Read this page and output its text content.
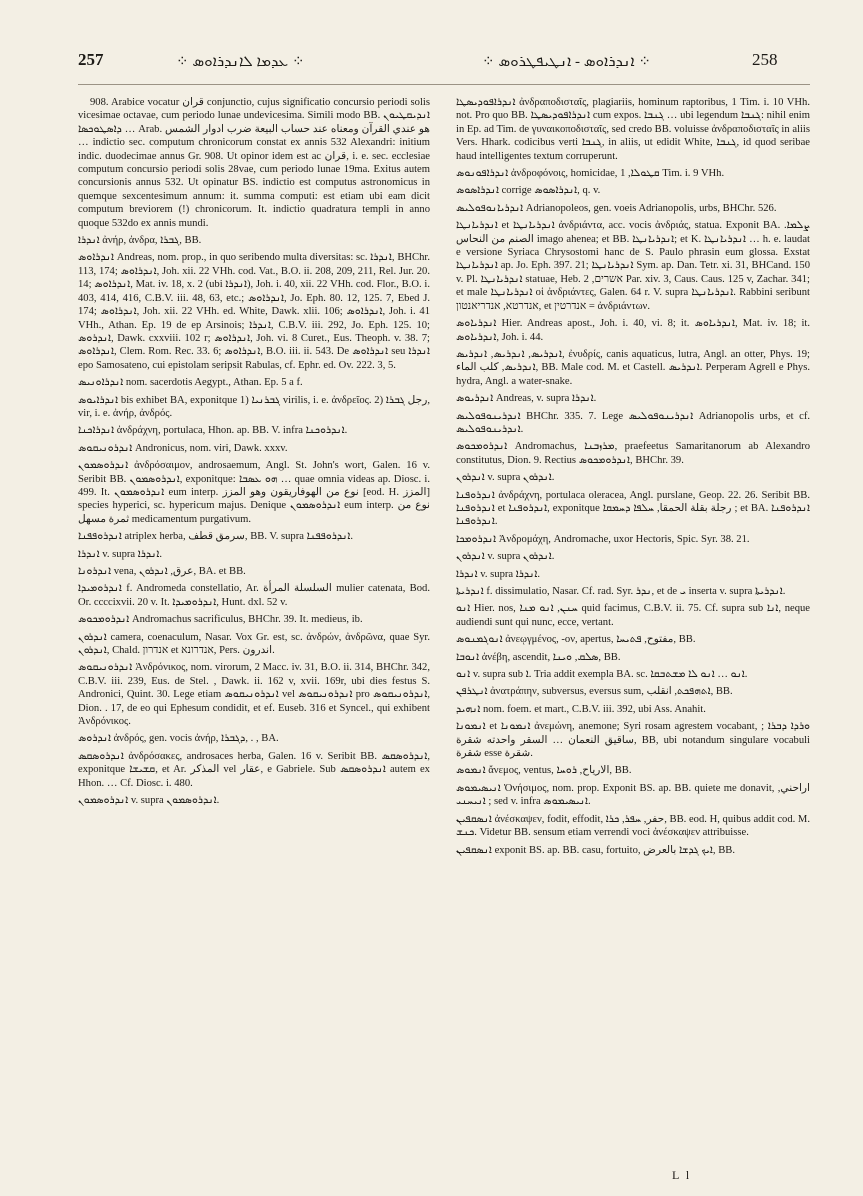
257	⁘ ܥܕܡܐ ܠܐܢܕܪܐܘܣ ⁘	⁘ ܐܢܕܪܐܘܣ - ܐܢܛܝܦܛܪܘܣ ⁘	258

908. Arabice vocatur قران conjunctio, cujus significatio concursio periodi solis vicesimae octavae, cum periodo lunae undevicesima. Simili modo BB. ܐܢܕܝܩܛܝܘܢ ܕܐܣܛܘܟܣܐ … Arab. هو عندي القرآن ومعناه عند حساب البيعة ضرب ادوار الشمس … indictio sec. computum chronicorum constat ex annis 532 Alexandri: initium indic. duodecimae annus Gr. 908. Ut opinor idem est ac قران, i. e. sec. ecclesiae computum concursio periodi solis 28vae, cum periodo lunae 19ma. Exitus autem concursionis annus 532. Ut opinatur BS. indictio est computus astronomicus in quemque sexcentesimum annum: it. summa computi: est etiam ubi eam dicit computum breviorem (!) chronicorum. It. indictio quadratura templi in anno quoque 532do ex annis mundi.

ܐܢܕܪܐ ἀνήρ, ἀνδρα, ܓܒܪܐ, BB.

ܐܢܕܪܐܘܣ Andreas, nom. prop., in quo seribendo multa diversitas: sc. ܐܢܕܪܐ, BHChr. 113, 174; ܐܢܕܪܐܘܣ, Joh. xii. 22 VHh. cod. Vat., B.O. ii. 208, 209, 211, Rel. Jur. 20. 14; ܐܢܕܪܐܘܣ, Mat. iv. 18, x. 2 (ubi ܐܢܕܪܐ), Joh. i. 40, xii. 22 VHh. cod. Flor., B.O. i. 403, 414, 416, C.B.V. iii. 48, 63, etc.; ܐܢܕܪܐܘܣ, Jo. Eph. 80. 12, 125. 7, Ebed J. 174; ܐܢܕܪܐܘܣ, Joh. xii. 22 VHh. ed. White, Dawk. xlii. 106; ܐܢܕܪܐܘܣ, Joh. i. 41 VHh., Athan. Ep. 19 de ep Arsinois; ܐܢܕܪܐ, C.B.V. iii. 292, Jo. Eph. 125. 10; ܐܢܕܪܘܣ, Dawk. cxxviii. 102 r; ܐܢܕܪܐܘܣ, Joh. vi. 8 Curet., Eus. Theoph. v. 38. 7; ܐܢܕܪܐܘܣ, Clem. Rom. Rec. 33. 6; ܐܢܕܪܐܘܣ, B.O. iii. ii. 543. De ܐܢܕܪܐܘܣ seu ܐܢܕܪܐ epo Samosateno, cui epistolam seripsit Rabulas, cf. Ephr. ed. Ov. 222. 3, 5.

ܐܢܕܪܐܘܢܝܣ nom. sacerdotis Aegypt., Athan. Ep. 5 a f.

ܐܢܕܪܐܝܘܣ bis exhibet BA, exponitque 1) ܓܒܪܢܝܐ virilis, i. e. ἀνδρεῖος. 2) رجل ܓܒܪܐ, vir, i. e. ἀνήρ, ἀνδρός.

ܐܢܕܪܐܟܢܐ ἀνδράχνη, portulaca, Hhon. ap. BB. V. infra ܐܢܕܪܘܟܢܐ.

ܐܢܕܪܘܢܝܩܘܣ Andronicus, nom. viri, Dawk. xxxv.

ܐܢܕܪܘܣܡܘܢ ἀνδρόσαιμον, androsaemum, Angl. St. John's wort, Galen. 16 v. Seribit BB. ܐܢܕܪܘܣܡܘܢ, exponitque: ܗܘ ܥܣܒܐ … quae omnia videas ap. Diosc. i. 499. It. ܐܢܕܪܘܣܡܘܢ eum interp. نوع من الهوفاريقون وهو المزز [eod. H. المزز] species hyperici, sc. hypericum majus. Denique ܐܢܕܪܘܣܡܘܢ eum interp. نوع من ثمرة مسهل medicamentum purgativum.

ܐܢܕܪܘܦܦܢܐ atriplex herba, سرمق قطف, BB. V. supra ܐܢܕܪܘܦܦܢܐ.

ܐܢܕܪܐ v. supra ܐܢܕܪܐ.

ܐܢܕܪܘܢܐ vena, عرق, ܐܢܕܪܘܢ, BA. et BB.

ܐܢܕܪܘܡܝܕܐ f. Andromeda constellatio, Ar. السلسلة المرأة mulier catenata, Bod. Or. ccccixvii. 20 v. It. ܐܢܕܪܘܡܝܕܐ, Hunt. dxl. 52 v.

ܐܢܕܪܘܡܟܘܣ Andromachus sacrificulus, BHChr. 39. It. medieus, ib.

ܐܢܕܪܘܢ camera, coenaculum, Nasar. Vox Gr. est, sc. ἀνδρών, ἀνδρῶνα, quae Syr. ܐܢܕܪܘܢ, Chald. אנדרון et אנדרונא, Pers. اندرون.

ܐܢܕܪܘܢܝܩܘܣ Ἀνδρόνικος, nom. virorum, 2 Macc. iv. 31, B.O. ii. 314, BHChr. 342, C.B.V. iii. 239, Eus. de Stel. , Dawk. ii. 162 v, xvii. 169r, ubi dies festus S. Andronici, Quint. 30. Lege etiam ܐܢܕܪܘܢܝܩܘܣ vel ܐܢܕܪܘܢܝܩܘܣ pro ܐܢܕܪܘܢܝܩܘܣ, Dion. . 17, de eo qui Ephesum condidit, et ef. Euseb. 316 et Syncel., qui exhibent Ἀνδρόνικος.

ܐܢܕܪܘܣ ἀνδρός, gen. vocis ἀνήρ, ܕܓܒܪܐ, . , BA.

ܐܢܕܪܘܣܩܣ ἀνδρόσακες, androsaces herba, Galen. 16 v. Seribit BB. ܐܢܕܪܘܣܩܣ, exponitque ܩܫܝܫܐ, et Ar. المذكر vel عقار, e Gabriele. Sub ܐܢܕܪܘܣܩܣ autem ex Hhon. … Cf. Diosc. i. 480.

ܐܢܕܪܘܣܡܘܢ v. supra ܐܢܕܪܘܣܡܘܢ.

ܐܢܕܪܐܦܘܕܝܣܛܐ ἀνδραποδισταῖς, plagiariis, hominum raptoribus, 1 Tim. i. 10 VHh. not. Pro quo BB. ܐܢܕܪܐܦܘܕܝܣܛܐ cum expos. ܓܢܒܐ … ubi legendum ܓܢܒܐ: nihil enim in Ep. ad Tim. de γυναικοποδισταῖς, sed credo BB. voluisse ἀνδραποδισταῖς in aliis Vers. Hhark. codicibus verti ܓܢܒܐ, in aliis, ut edidit White, ܓܢܒܐ, id quod seribae haud intelligentes textum corruperunt.

ܐܢܕܪܐܦܘܢܘܣ ἀνδροφόνοις, homicidae, ܩܛܘܠܐ, 1 Tim. i. 9 VHh.

ܐܢܕܪܐܣܘܣ corrige ܐܢܕܪܐܣܘܣ, q. v.

ܐܢܕܪܝܐܢܘܦܘܠܝܣ Adrianopoleos, gen. voeis Adrianopolis, urbs, BHChr. 526.

ܐܢܕܪܝܐܢܛܐ et ܐܢܕܪܝܐܢܛܐ ἀνδριάντα, acc. vocis ἀνδριάς, statua. Exponit BA. ܨܠܡܐ. الصنم من النحاس imago ahenea; et BB. ܐܢܕܪܝܐܢܛܐ; et K. ܐܢܕܪܝܐܢܛܐ … h. e. laudat e versione Syriaca Chrysostomi hanc de S. Paulo phrasin eum glossa. Exstat ܐܢܕܪܝܐܢܛܐ ap. Jo. Eph. 397. 21; ܐܢܕܪܝܐܢܛܐ Sym. ap. Dan. Tetr. xi. 31, BHCand. 150 v. Pl. ܐܢܕܪܝܐܢܛܐ statuae, Heb. אשרים, 2 Par. xiv. 3, Caus. Caus. 125 v, Zachar. 341; et male ܐܢܕܪܝܐܢܛܐ οἱ ἀνδριάντες, Galen. 64 r. V. supra ܐܢܕܪܝܐܢܛܐ. Rabbini seribunt אנדרטא, אנדריאנטון, et אנדרטין = ἀνδριάντων.

ܐܢܕܪܝܐܘܣ Hier. Andreas apost., Joh. i. 40, vi. 8; it. ܐܢܕܪܝܐܘܣ, Mat. iv. 18; it. ܐܢܕܪܝܐܘܣ, Joh. i. 44.

ܐܢܕܪܝܣ, ܐܢܕܪܝܣ, ܐܢܕܪܝܣ, ἐνυδρίς, canis aquaticus, lutra, Angl. an otter, Phys. 19; ܐܢܕܪܝܣ, كلب الماء, BB. Male cod. M. et Castell. ܐܢܕܪܝܣ. Perperam Agrell e Phys. hydra, Angl. a water-snake.

ܐܢܕܪܝܘܣ Andreas, v. supra ܐܢܕܪܐ.

ܐܢܕܪܝܢܘܦܘܠܝܣ BHChr. 335. 7. Lege ܐܢܕܪܝܢܘܦܘܠܝܣ Adrianopolis urbs, et cf. ܐܢܕܪܝܢܘܦܘܠܝܣ.

ܐܢܕܪܘܡܟܘܣ Andromachus, ܡܪܙܒܢܐ, praefeetus Samaritanorum ab Alexandro constitutus, Dion. 9. Rectius ܐܢܕܪܘܡܟܘܣ, BHChr. 39.

ܐܢܕܪܘܢ v. supra ܐܢܕܪܘܢ.

ܐܢܕܪܘܦܢܐ ἀνδράχνη, portulaca oleracea, Angl. purslane, Geop. 22. 26. Seribit BB. ܐܢܕܪܘܦܢܐ et ܐܢܕܪܘܦܢܐ, exponitque رجلة بقلة الحمقا, ܚܠܦܐ ܕܚܡܩܐ ; et BA. ܐܢܕܪܘܦܢܐ ܐܢܕܪܘܦܢܐ.

ܐܢܕܪܘܡܟܐ Ἀνδρομάχη, Andromache, uxor Hectoris, Spic. Syr. 38. 21.

ܐܢܕܪܘܢ v. supra ܐܢܕܪܘܢ.

ܐܢܕܪܐ v. supra ܐܢܕܪܐ.

ܐܢܕܪܝܬܐ f. dissimulatio, Nasar. Cf. rad. Syr. ܢܕܪ, et de ܝ inserta v. supra ܐܢܕܪܝܬܐ.

ܐܢܘ Hier. nos, ܚܢܢ, ܐܢܘ ܡܢܐ quid facimus, C.B.V. ii. 75. Cf. supra sub ܐܢܐ, neque audiendi sunt qui nunc, ecce, vertant.

ܐܢܘܓܡܢܘܣ ἀνεῳγμένος, -ον, apertus, مفتوح, ܦܬܝܚܐ, BB.

ܐܢܘܒܐ ἀνέβη, ascendit, ܣܠܩ, ܘܝܢܐ, BB.

ܐܢܘ v. supra sub ܐ. Tria addit exempla BA. sc. ܐܢܘ … ܐܢܘ ܠܐ ܡܫܬܒܩܐ.

ܐܢܛܪܦܢ ἀνατράπην, subversus, eversus sum, ܐܬܗܦܟܬ, انقلب, BB.

ܐܢܗܝܕ nom. foem. et mart., C.B.V. iii. 392, ubi Ass. Anahit.

ܐܢܡܘܢܐ et ܐܢܡܘܢܐ ἀνεμώνη, anemone; Syri rosam agrestem vocabant, ܘܪܕܐ ܕܒܪܐ ; ساقيق النعمان … السقر واحدته شقرة, BB, ubi notandum singulare vocabuli شقرة esse شقرة.

ܐܢܡܘܣ ἄνεμος, ventus, الارياح, ܪܘܚܐ, BB.

ܐܢܝܣܝܡܘܣ Ὀνήσιμος, nom. prop. Exponit BS. ap. BB. quiete me donavit, اراحني, ܐܢܝܚܢܝ ; sed v. infra ܐܢܝܣܝܡܘܣ.

ܐܢܣܩܦܝܢ ἀνέσκαψεν, fodit, effodit, حفر, ܚܦܪ, ܟܪܐ, BB. eod. H, quibus addit cod. M. ܟܢܫ. Videtur BB. sensum etiam verrendi voci ἀνέσκαψεν attribuisse.

ܐܢܣܩܦܝܢ exponit BS. ap. BB. casu, fortuito, ܐܝܟ ܓܕܫܐ بالعرض, BB.

L l
